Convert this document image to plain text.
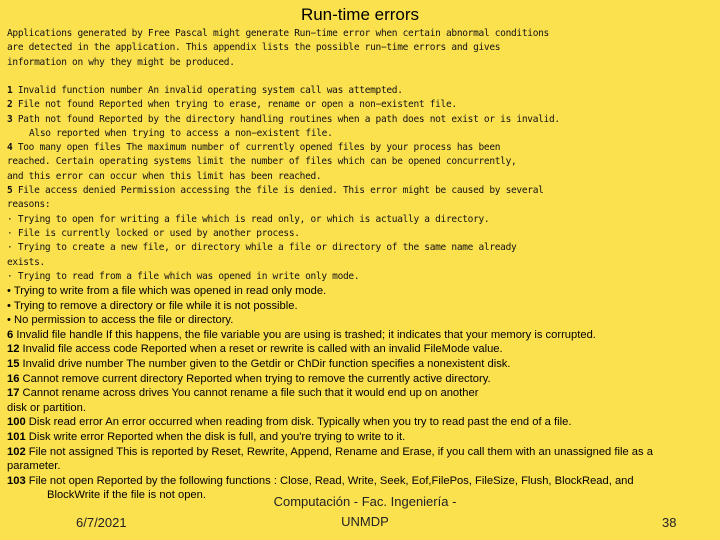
Run-time errors
Applications generated by Free Pascal might generate Run−time error when certain abnormal conditions
are detected in the application. This appendix lists the possible run−time errors and gives
information on why they might be produced.
1 Invalid function number An invalid operating system call was attempted.
2 File not found Reported when trying to erase, rename or open a non−existent file.
3 Path not found Reported by the directory handling routines when a path does not exist or is invalid.
Also reported when trying to access a non−existent file.
4 Too many open files The maximum number of currently opened files by your process has been
reached. Certain operating systems limit the number of files which can be opened concurrently,
and this error can occur when this limit has been reached.
5 File access denied Permission accessing the file is denied. This error might be caused by several
reasons:
· Trying to open for writing a file which is read only, or which is actually a directory.
· File is currently locked or used by another process.
· Trying to create a new file, or directory while a file or directory of the same name already
exists.
· Trying to read from a file which was opened in write only mode.
• Trying to write from a file which was opened in read only mode.
• Trying to remove a directory or file while it is not possible.
• No permission to access the file or directory.
6 Invalid file handle If this happens, the file variable you are using is trashed; it indicates that your memory is corrupted.
12 Invalid file access code Reported when a reset or rewrite is called with an invalid FileMode value.
15 Invalid drive number The number given to the Getdir or ChDir function specifies a nonexistent disk.
16 Cannot remove current directory Reported when trying to remove the currently active directory.
17 Cannot rename across drives You cannot rename a file such that it would end up on another
disk or partition.
100 Disk read error An error occurred when reading from disk. Typically when you try to read past the end of a file.
101 Disk write error Reported when the disk is full, and you're trying to write to it.
102 File not assigned This is reported by Reset, Rewrite, Append, Rename and Erase, if you call them with an unassigned file as a
parameter.
103 File not open Reported by the following functions : Close, Read, Write, Seek, Eof,FilePos, FileSize, Flush, BlockRead, and
BlockWrite if the file is not open.
6/7/2021
Computación - Fac. Ingeniería -
UNMDP	38
